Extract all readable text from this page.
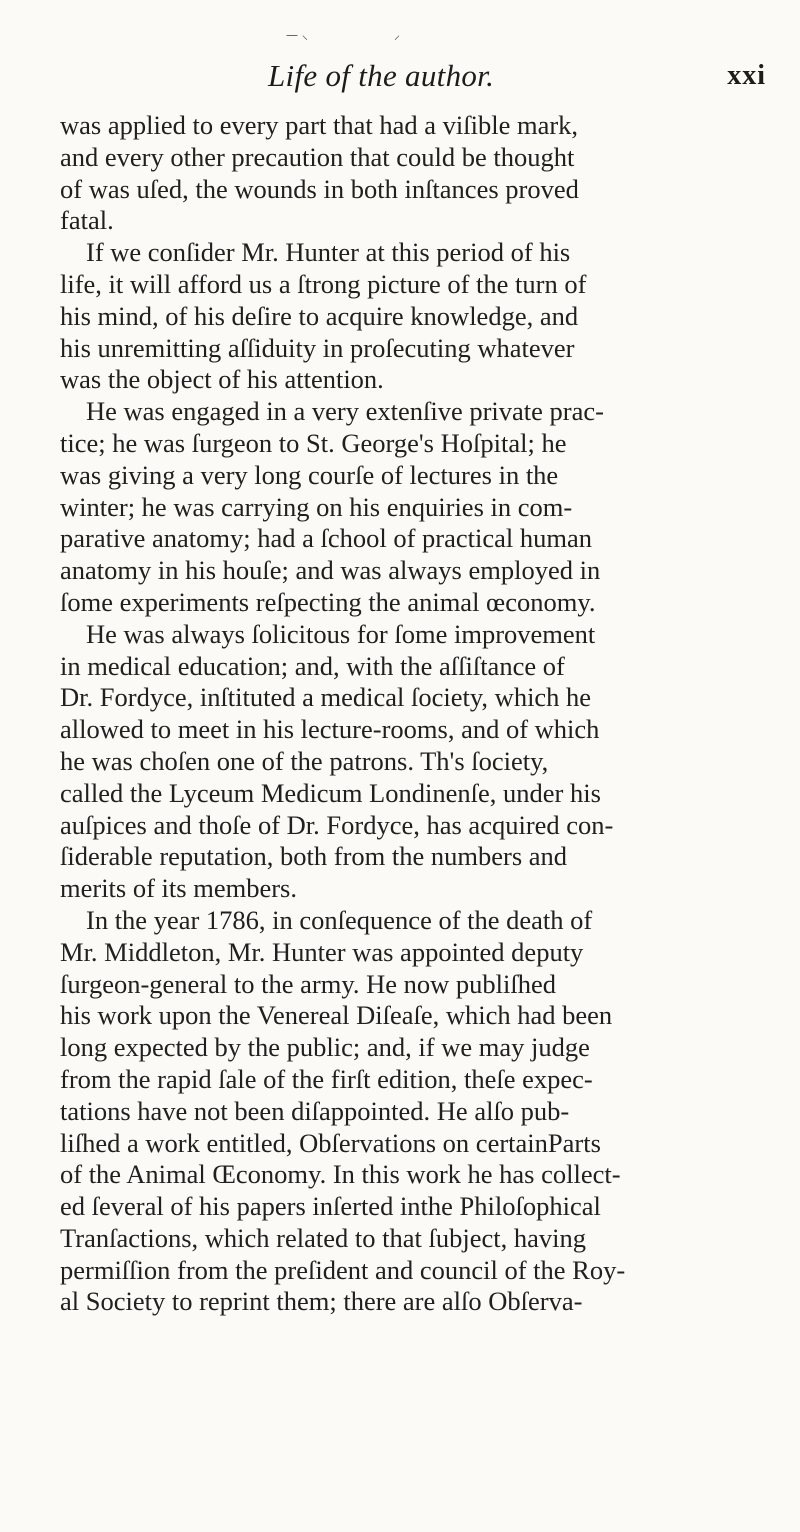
— ⸜	⸝
Life of the author.	xxi
was applied to every part that had a viſible mark,
and every other precaution that could be thought
of was uſed, the wounds in both inſtances proved
fatal.
If we conſider Mr. Hunter at this period of his
life, it will afford us a ſtrong picture of the turn of
his mind, of his deſire to acquire knowledge, and
his unremitting aſſiduity in proſecuting whatever
was the object of his attention.
He was engaged in a very extenſive private prac-
tice; he was ſurgeon to St. George's Hoſpital; he
was giving a very long courſe of lectures in the
winter; he was carrying on his enquiries in com-
parative anatomy; had a ſchool of practical human
anatomy in his houſe; and was always employed in
ſome experiments reſpecting the animal œconomy.
He was always ſolicitous for ſome improvement
in medical education; and, with the aſſiſtance of
Dr. Fordyce, inſtituted a medical ſociety, which he
allowed to meet in his lecture-rooms, and of which
he was choſen one of the patrons. Th's ſociety,
called the Lyceum Medicum Londinenſe, under his
auſpices and thoſe of Dr. Fordyce, has acquired con-
ſiderable reputation, both from the numbers and
merits of its members.
In the year 1786, in conſequence of the death of
Mr. Middleton, Mr. Hunter was appointed deputy
ſurgeon-general to the army. He now publiſhed
his work upon the Venereal Diſeaſe, which had been
long expected by the public; and, if we may judge
from the rapid ſale of the firſt edition, theſe expec-
tations have not been diſappointed. He alſo pub-
liſhed a work entitled, Obſervations on certainParts
of the Animal Œconomy. In this work he has collect-
ed ſeveral of his papers inſerted inthe Philoſophical
Tranſactions, which related to that ſubject, having
permiſſion from the preſident and council of the Roy-
al Society to reprint them; there are alſo Obſerva-
